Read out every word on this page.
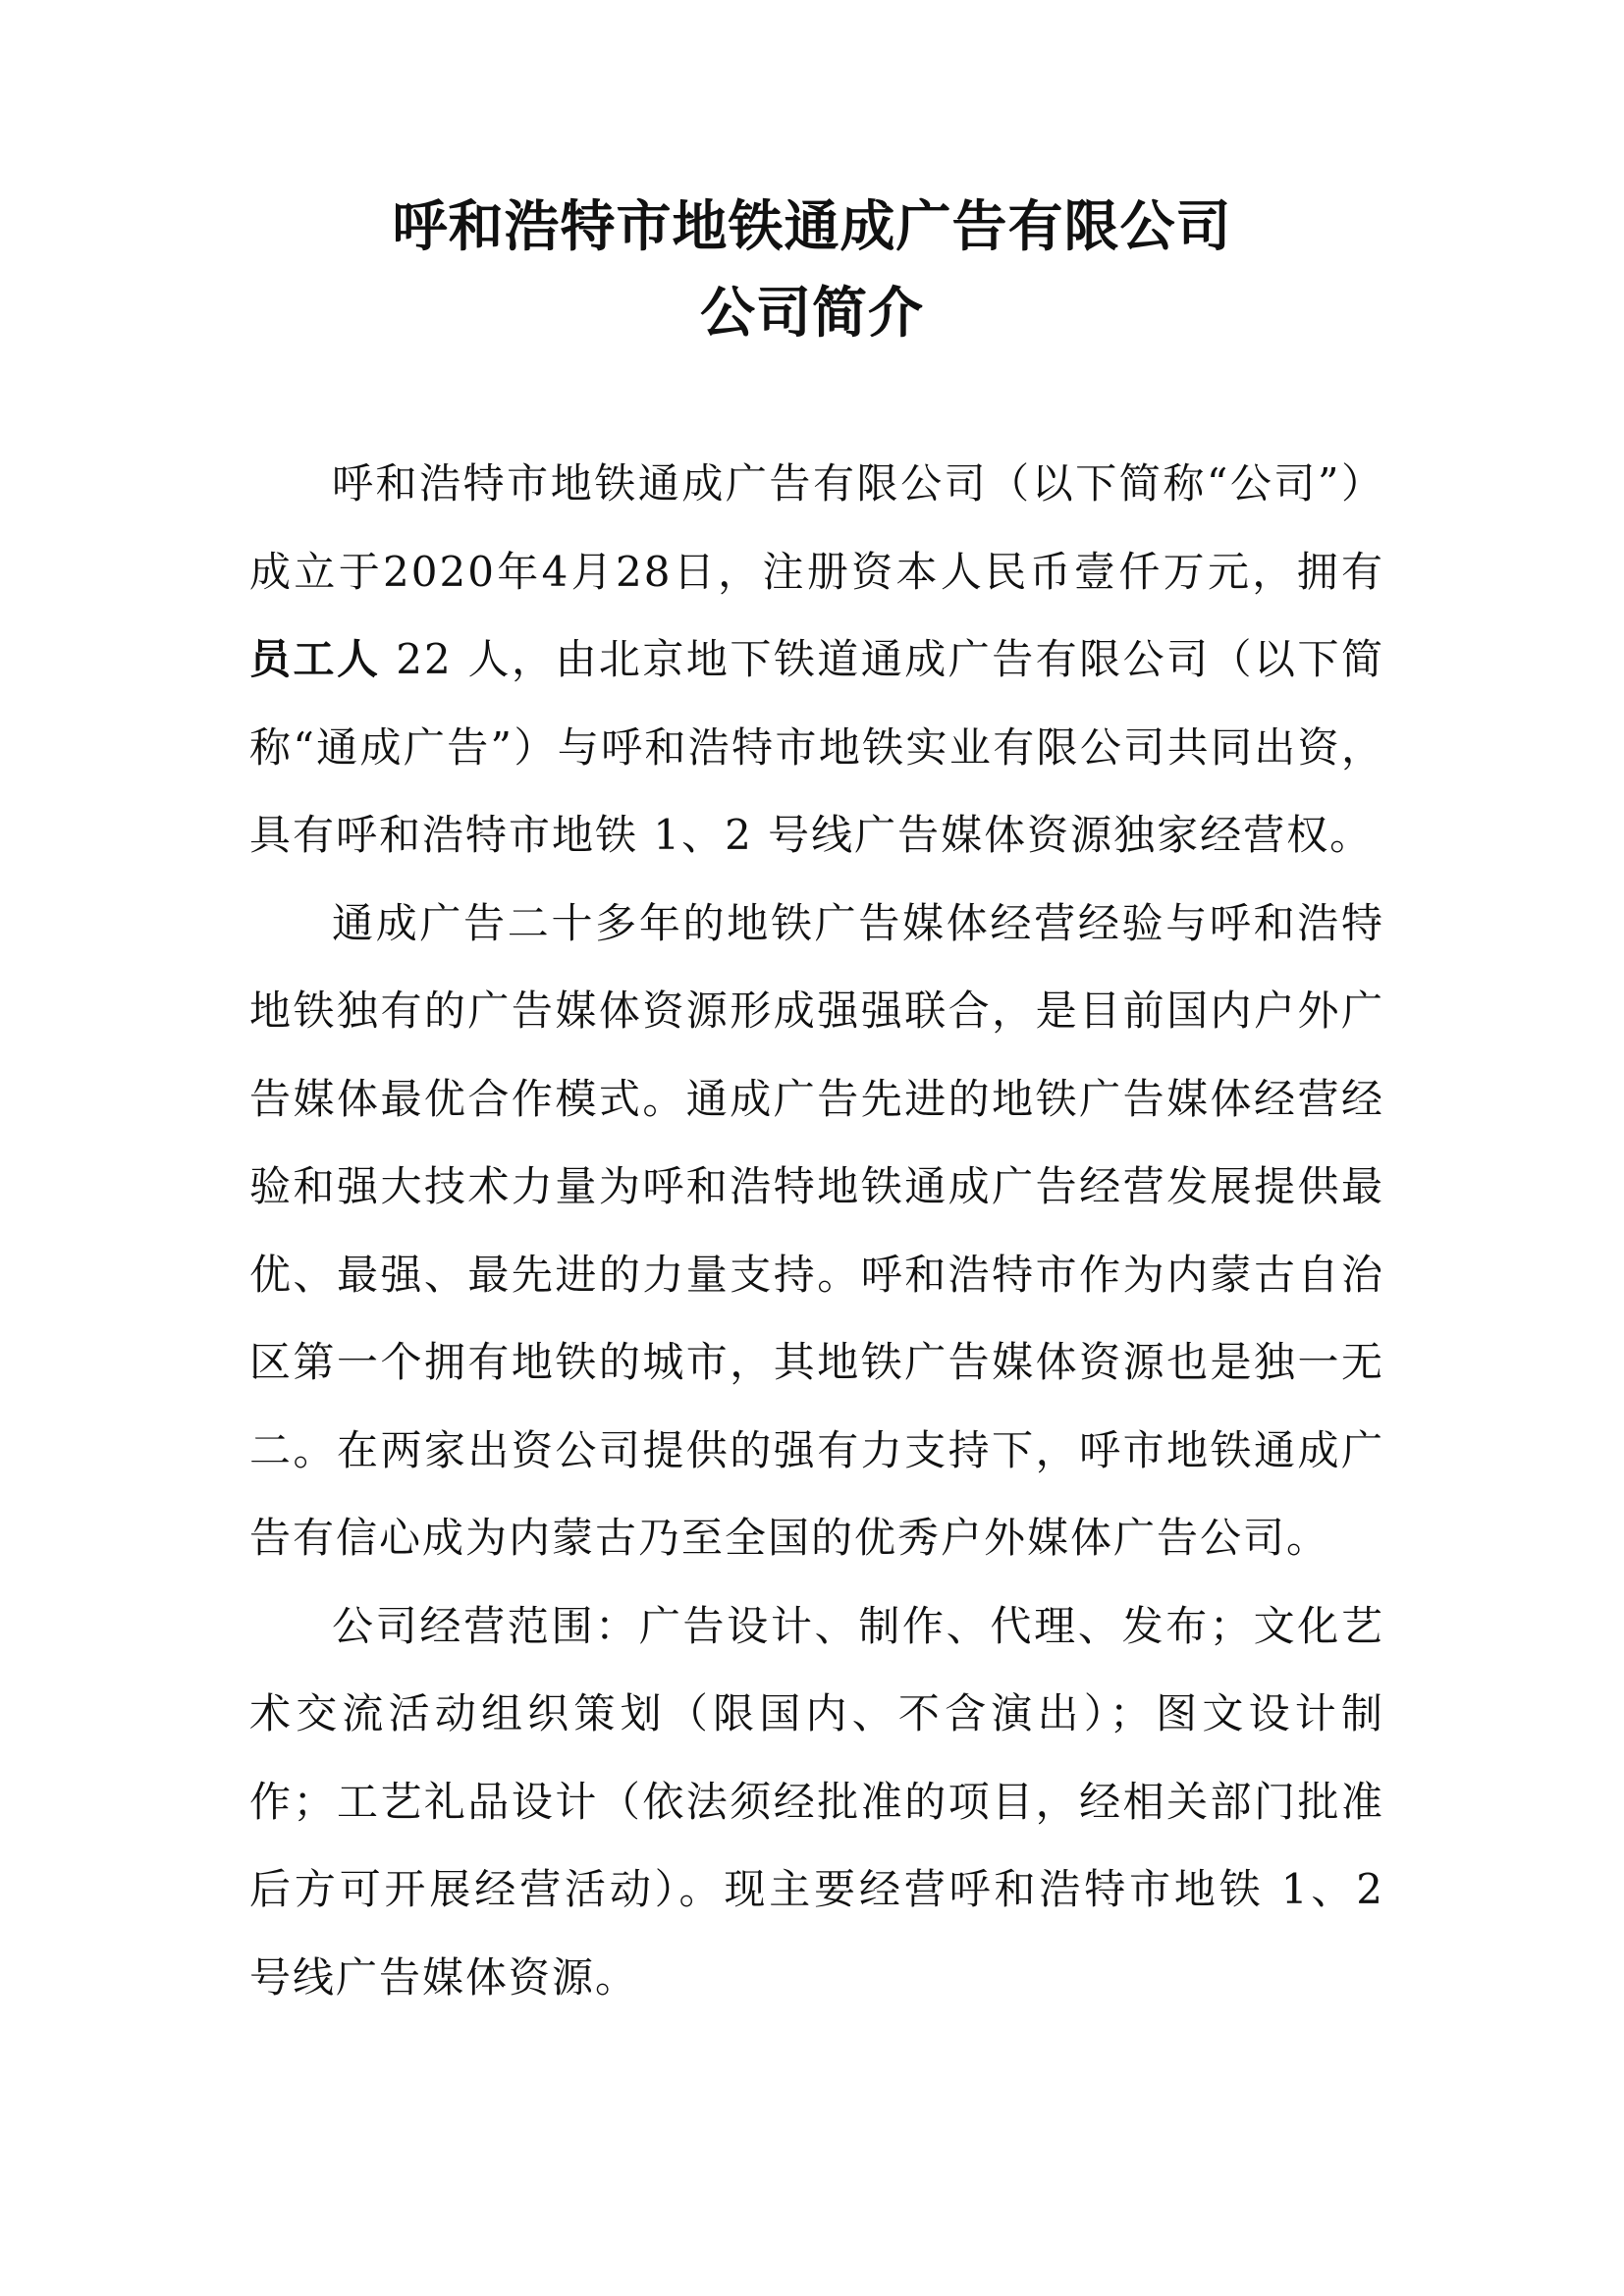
呼和浩特市地铁通成广告有限公司
公司简介

呼和浩特市地铁通成广告有限公司（以下简称“公司”）成立于2020年4月28日，注册资本人民币壹仟万元，拥有员工人 22 人，由北京地下铁道通成广告有限公司（以下简称“通成广告”）与呼和浩特市地铁实业有限公司共同出资，具有呼和浩特市地铁 1、2 号线广告媒体资源独家经营权。

通成广告二十多年的地铁广告媒体经营经验与呼和浩特地铁独有的广告媒体资源形成强强联合，是目前国内户外广告媒体最优合作模式。通成广告先进的地铁广告媒体经营经验和强大技术力量为呼和浩特地铁通成广告经营发展提供最优、最强、最先进的力量支持。呼和浩特市作为内蒙古自治区第一个拥有地铁的城市，其地铁广告媒体资源也是独一无二。在两家出资公司提供的强有力支持下，呼市地铁通成广告有信心成为内蒙古乃至全国的优秀户外媒体广告公司。

公司经营范围：广告设计、制作、代理、发布；文化艺术交流活动组织策划（限国内、不含演出）；图文设计制作；工艺礼品设计（依法须经批准的项目，经相关部门批准后方可开展经营活动）。现主要经营呼和浩特市地铁 1、2 号线广告媒体资源。
